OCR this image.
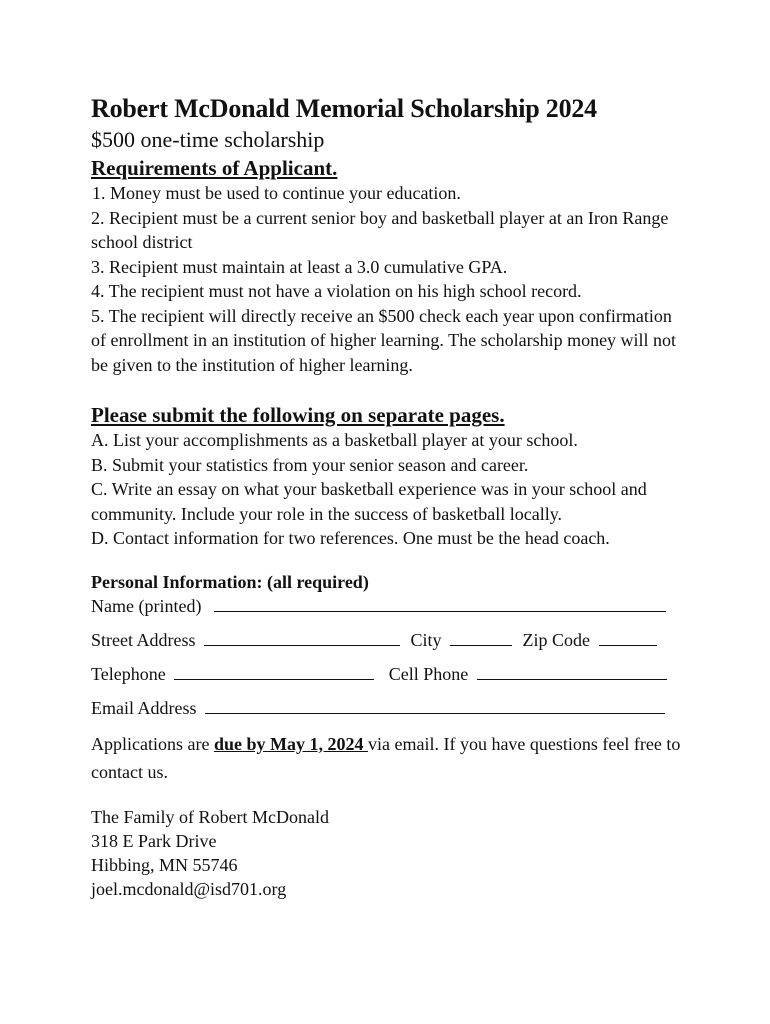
Robert McDonald Memorial Scholarship 2024

$500 one-time scholarship

Requirements of Applicant.
1. Money must be used to continue your education.
2. Recipient must be a current senior boy and basketball player at an Iron Range school district
3. Recipient must maintain at least a 3.0 cumulative GPA.
4. The recipient must not have a violation on his high school record.
5. The recipient will directly receive an $500 check each year upon confirmation of enrollment in an institution of higher learning. The scholarship money will not be given to the institution of higher learning.
Please submit the following on separate pages.
A. List your accomplishments as a basketball player at your school.
B. Submit your statistics from your senior season and career.
C. Write an essay on what your basketball experience was in your school and community. Include your role in the success of basketball locally.
D. Contact information for two references. One must be the head coach.

Personal Information: (all required)

Name (printed)
Street Address	City	Zip Code
Telephone	Cell Phone
Email Address

Applications are due by May 1, 2024 via email. If you have questions feel free to contact us.

The Family of Robert McDonald
318 E Park Drive
Hibbing, MN 55746
joel.mcdonald@isd701.org
